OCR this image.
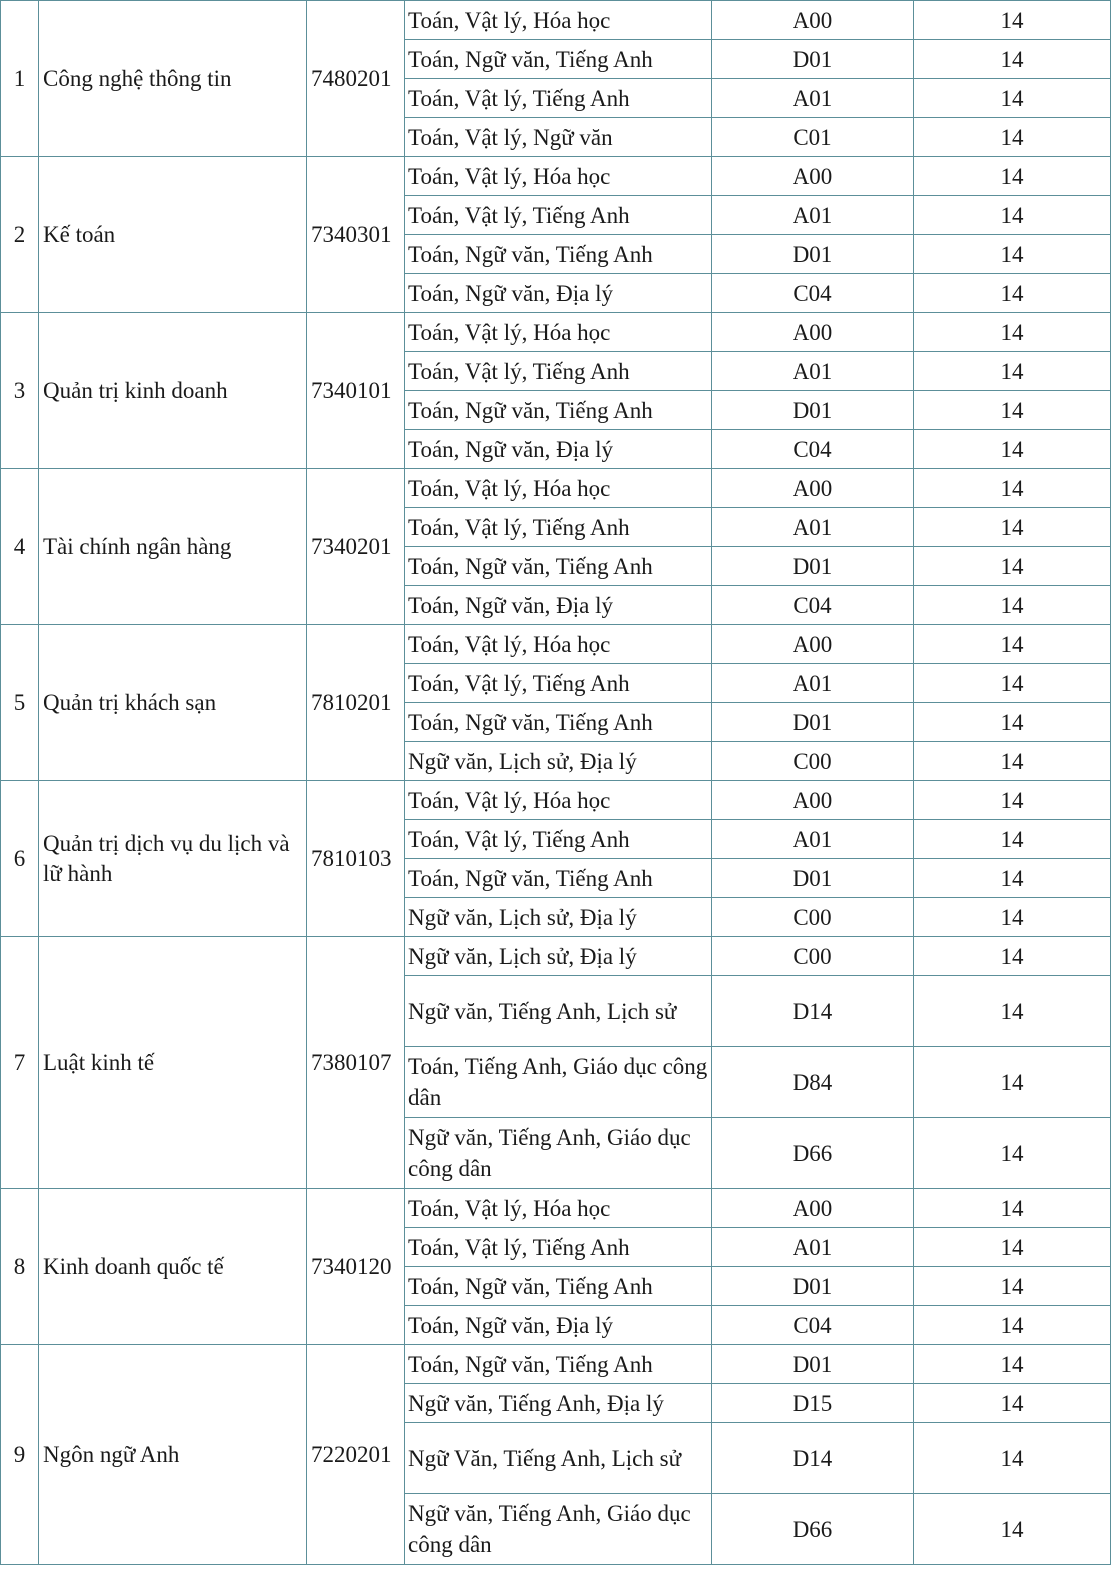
1	Công nghệ thông tin	7480201	Toán, Vật lý, Hóa học	A00	14
			Toán, Ngữ văn, Tiếng Anh	D01	14
			Toán, Vật lý, Tiếng Anh	A01	14
			Toán, Vật lý, Ngữ văn	C01	14
2	Kế toán	7340301	Toán, Vật lý, Hóa học	A00	14
			Toán, Vật lý, Tiếng Anh	A01	14
			Toán, Ngữ văn, Tiếng Anh	D01	14
			Toán, Ngữ văn, Địa lý	C04	14
3	Quản trị kinh doanh	7340101	Toán, Vật lý, Hóa học	A00	14
			Toán, Vật lý, Tiếng Anh	A01	14
			Toán, Ngữ văn, Tiếng Anh	D01	14
			Toán, Ngữ văn, Địa lý	C04	14
4	Tài chính ngân hàng	7340201	Toán, Vật lý, Hóa học	A00	14
			Toán, Vật lý, Tiếng Anh	A01	14
			Toán, Ngữ văn, Tiếng Anh	D01	14
			Toán, Ngữ văn, Địa lý	C04	14
5	Quản trị khách sạn	7810201	Toán, Vật lý, Hóa học	A00	14
			Toán, Vật lý, Tiếng Anh	A01	14
			Toán, Ngữ văn, Tiếng Anh	D01	14
			Ngữ văn, Lịch sử, Địa lý	C00	14
6	Quản trị dịch vụ du lịch và lữ hành	7810103	Toán, Vật lý, Hóa học	A00	14
			Toán, Vật lý, Tiếng Anh	A01	14
			Toán, Ngữ văn, Tiếng Anh	D01	14
			Ngữ văn, Lịch sử, Địa lý	C00	14
7	Luật kinh tế	7380107	Ngữ văn, Lịch sử, Địa lý	C00	14
			Ngữ văn, Tiếng Anh, Lịch sử	D14	14
			Toán, Tiếng Anh, Giáo dục công dân	D84	14
			Ngữ văn, Tiếng Anh, Giáo dục công dân	D66	14
8	Kinh doanh quốc tế	7340120	Toán, Vật lý, Hóa học	A00	14
			Toán, Vật lý, Tiếng Anh	A01	14
			Toán, Ngữ văn, Tiếng Anh	D01	14
			Toán, Ngữ văn, Địa lý	C04	14
9	Ngôn ngữ Anh	7220201	Toán, Ngữ văn, Tiếng Anh	D01	14
			Ngữ văn, Tiếng Anh, Địa lý	D15	14
			Ngữ Văn, Tiếng Anh, Lịch sử	D14	14
			Ngữ văn, Tiếng Anh, Giáo dục công dân	D66	14
